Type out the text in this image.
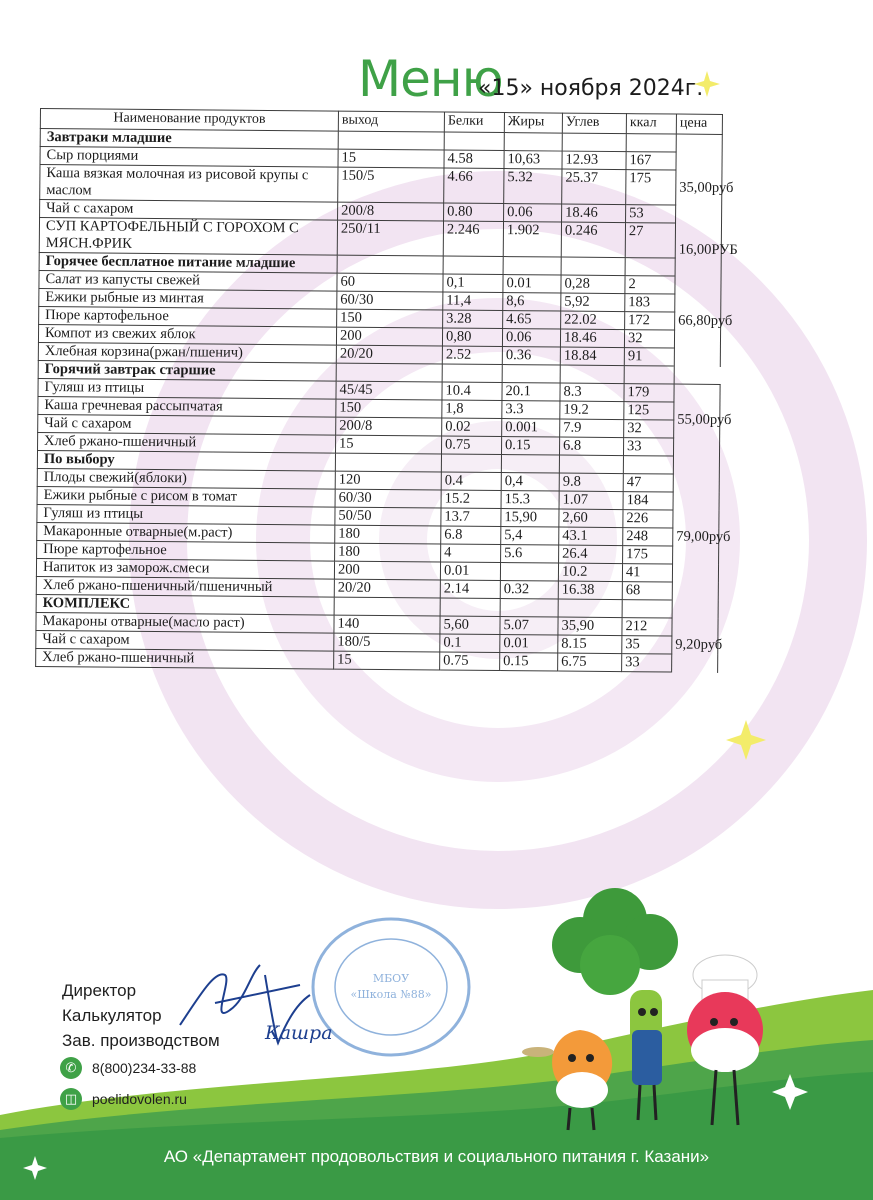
Меню
«15» ноября 2024г.
Наименование продуктов	выход	Белки	Жиры	Углев	ккал	цена
Завтраки младшие						
Сыр порциями	15	4.58	10,63	12.93	167	35,00руб
Каша вязкая молочная из рисовой крупы с маслом	150/5	4.66	5.32	25.37	175	
Чай с сахаром	200/8	0.80	0.06	18.46	53	
СУП КАРТОФЕЛЬНЫЙ С ГОРОХОМ С МЯСН.ФРИК	250/11	2.246	1.902	0.246	27	16,00РУБ
Горячее бесплатное питание младшие						
Салат из капусты свежей	60	0,1	0.01	0,28	2	66,80руб
Ежики рыбные из минтая	60/30	11,4	8,6	5,92	183	
Пюре картофельное	150	3.28	4.65	22.02	172	
Компот из свежих яблок	200	0,80	0.06	18.46	32	
Хлебная корзина(ржан/пшенич)	20/20	2.52	0.36	18.84	91	
Горячий завтрак старшие						
Гуляш из птицы	45/45	10.4	20.1	8.3	179	55,00руб
Каша гречневая рассыпчатая	150	1,8	3.3	19.2	125	
Чай с сахаром	200/8	0.02	0.001	7.9	32	
Хлеб ржано-пшеничный	15	0.75	0.15	6.8	33	
По выбору						
Плоды свежий(яблоки)	120	0.4	0,4	9.8	47	79,00руб
Ежики рыбные с рисом в томат	60/30	15.2	15.3	1.07	184	
Гуляш из птицы	50/50	13.7	15,90	2,60	226	
Макаронные отварные(м.раст)	180	6.8	5,4	43.1	248	
Пюре картофельное	180	4	5.6	26.4	175	
Напиток из замoрож.смеси	200	0.01		10.2	41	
Хлеб ржано-пшеничный/пшеничный	20/20	2.14	0.32	16.38	68	
КОМПЛЕКС						
Макароны отварные(масло раст)	140	5,60	5.07	35,90	212	9,20руб
Чай с сахаром	180/5	0.1	0.01	8.15	35	
Хлеб ржано-пшеничный	15	0.75	0.15	6.75	33	
МБОУ
«Школа №88»
Кашра
Директор
Калькулятор
Зав. производством
✆	8(800)234-33-88
◫	poelidovolen.ru
АО «Департамент продовольствия и социального питания г. Казани»
